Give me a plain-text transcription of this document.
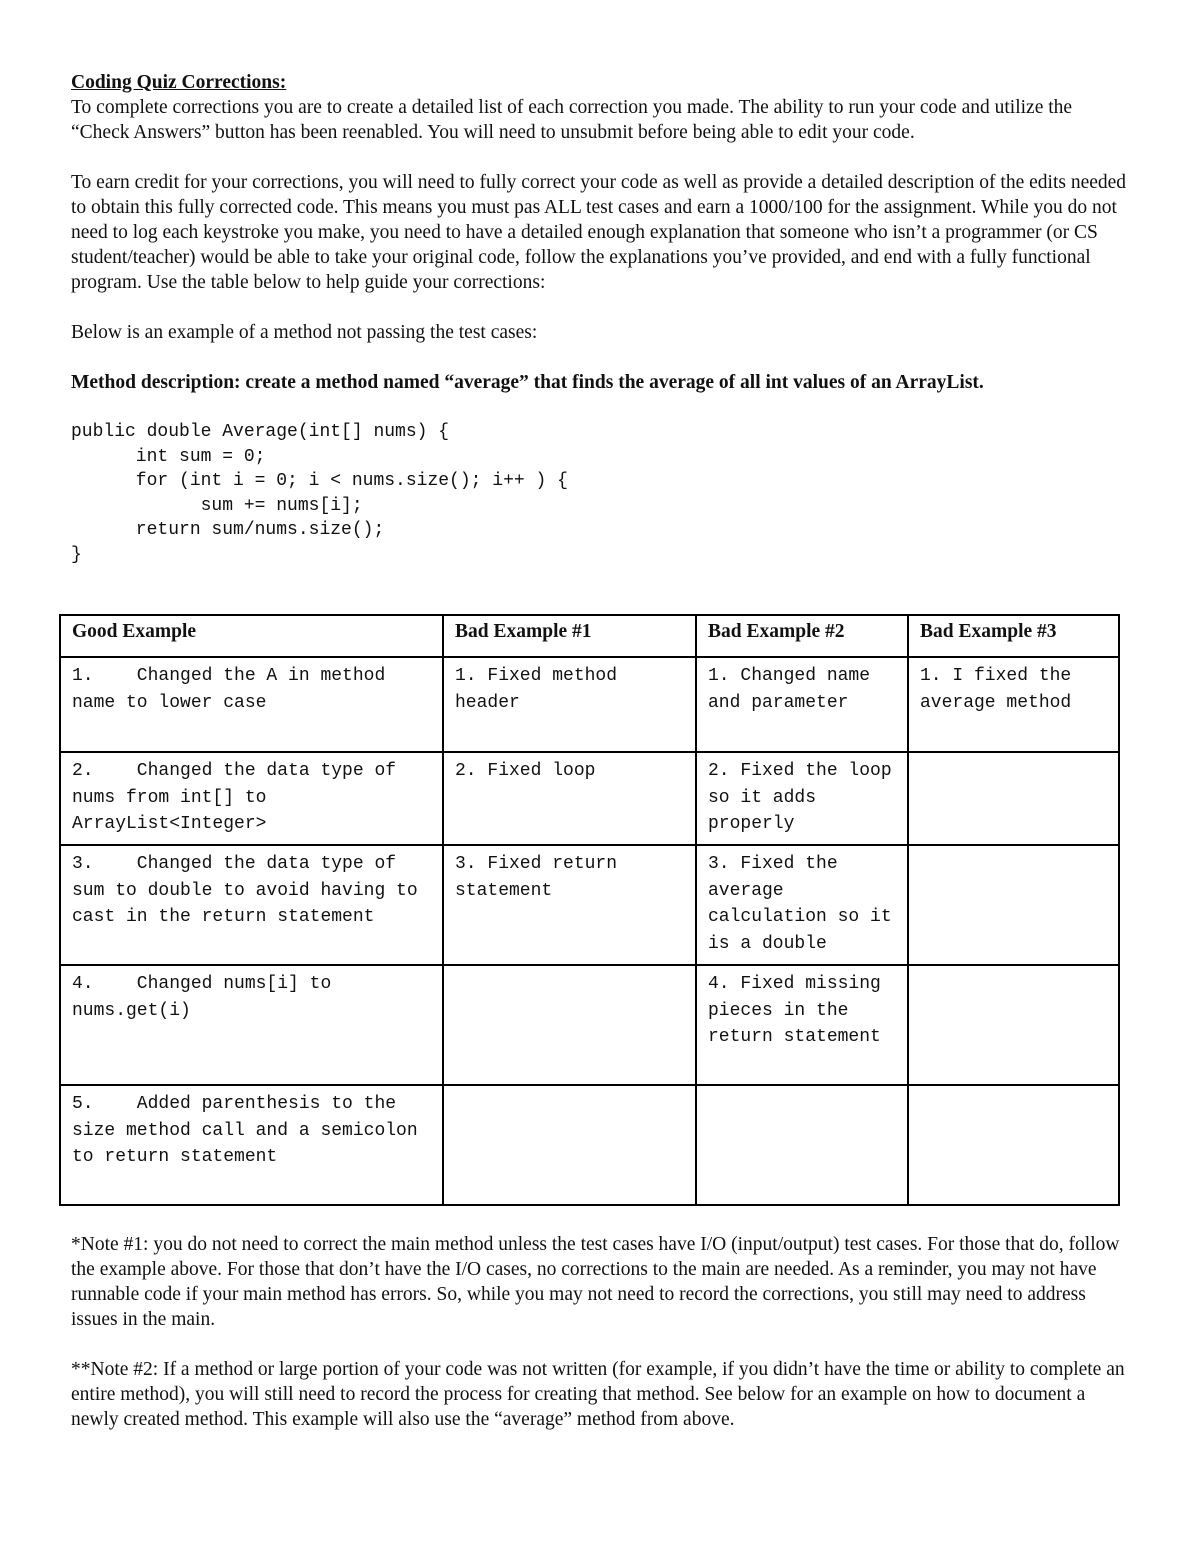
Coding Quiz Corrections:

To complete corrections you are to create a detailed list of each correction you made. The ability to run your code and utilize the “Check Answers” button has been reenabled. You will need to unsubmit before being able to edit your code.

To earn credit for your corrections, you will need to fully correct your code as well as provide a detailed description of the edits needed to obtain this fully corrected code. This means you must pas ALL test cases and earn a 1000/100 for the assignment. While you do not need to log each keystroke you make, you need to have a detailed enough explanation that someone who isn’t a programmer (or CS student/teacher) would be able to take your original code, follow the explanations you’ve provided, and end with a fully functional program. Use the table below to help guide your corrections:

Below is an example of a method not passing the test cases:

Method description: create a method named “average” that finds the average of all int values of an ArrayList.

public double Average(int[] nums) {
int sum = 0;
for (int i = 0; i < nums.size(); i++ ) {
sum += nums[i];
return sum/nums.size();
}
Good Example	Bad Example #1	Bad Example #2	Bad Example #3
1.    Changed the A in method name to lower case	1. Fixed method header	1. Changed name and parameter	1. I fixed the average method
2.    Changed the data type of nums from int[] to ArrayList<Integer>	2. Fixed loop	2. Fixed the loop so it adds properly	
3.    Changed the data type of sum to double to avoid having to cast in the return statement	3. Fixed return statement	3. Fixed the average calculation so it is a double	
4.    Changed nums[i] to nums.get(i)		4. Fixed missing pieces in the return statement	
5.    Added parenthesis to the size method call and a semicolon to return statement			

*Note #1: you do not need to correct the main method unless the test cases have I/O (input/output) test cases. For those that do, follow the example above. For those that don’t have the I/O cases, no corrections to the main are needed. As a reminder, you may not have runnable code if your main method has errors. So, while you may not need to record the corrections, you still may need to address issues in the main.

**Note #2: If a method or large portion of your code was not written (for example, if you didn’t have the time or ability to complete an entire method), you will still need to record the process for creating that method. See below for an example on how to document a newly created method. This example will also use the “average” method from above.
